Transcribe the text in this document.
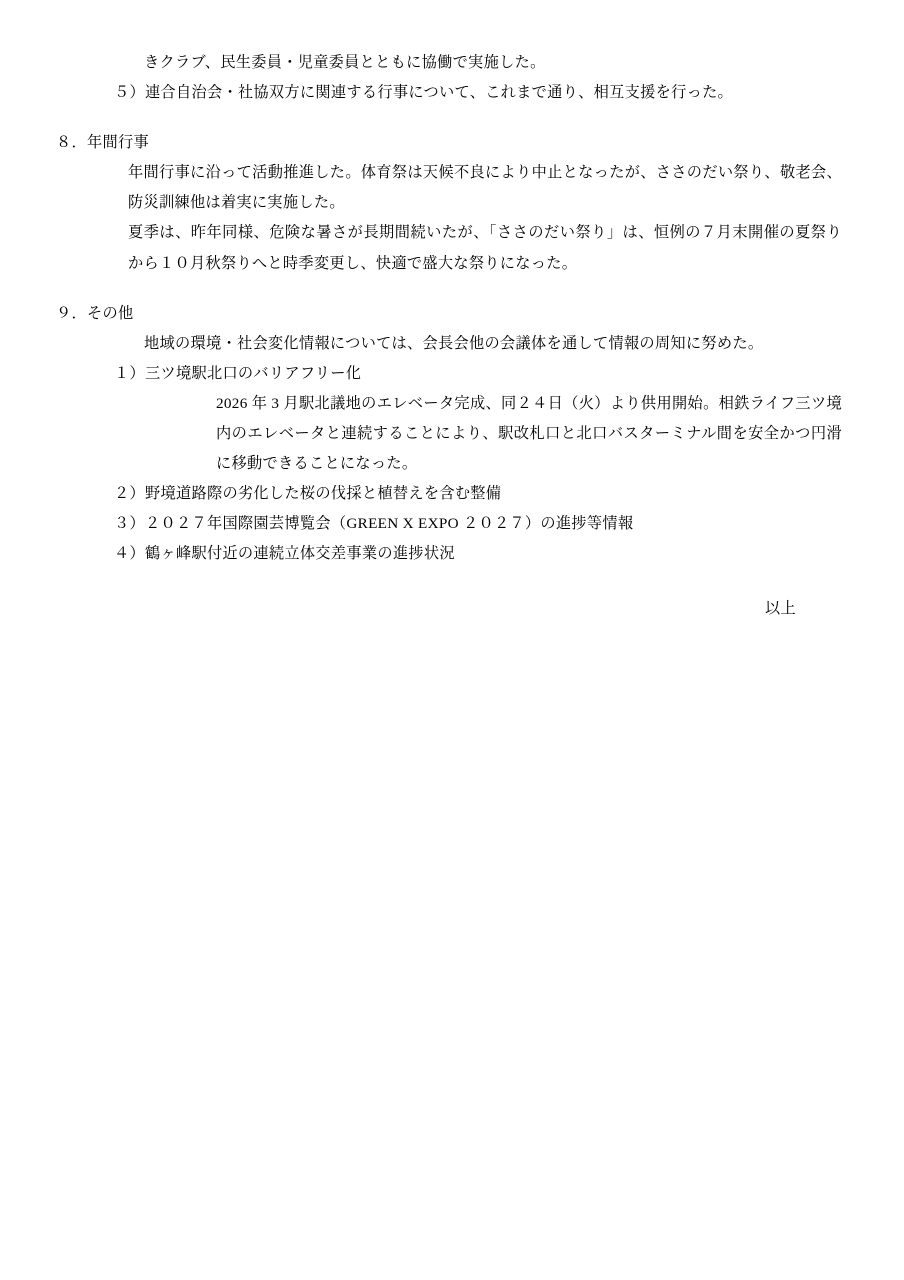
きクラブ、民生委員・児童委員とともに協働で実施した。

５）連合自治会・社協双方に関連する行事について、これまで通り、相互支援を行った。

８．年間行事

年間行事に沿って活動推進した。体育祭は天候不良により中止となったが、ささのだい祭り、敬老会、防災訓練他は着実に実施した。

夏季は、昨年同様、危険な暑さが長期間続いたが、「ささのだい祭り」は、恒例の７月末開催の夏祭りから１０月秋祭りへと時季変更し、快適で盛大な祭りになった。

９．その他

地域の環境・社会変化情報については、会長会他の会議体を通して情報の周知に努めた。

１）三ツ境駅北口のバリアフリー化

2026 年 3 月駅北議地のエレベータ完成、同２４日（火）より供用開始。相鉄ライフ三ツ境内のエレベータと連続することにより、駅改札口と北口バスターミナル間を安全かつ円滑に移動できることになった。

２）野境道路際の劣化した桜の伐採と植替えを含む整備

３）２０２７年国際園芸博覧会（GREEN X EXPO ２０２７）の進捗等情報

４）鶴ヶ峰駅付近の連続立体交差事業の進捗状況

以上
